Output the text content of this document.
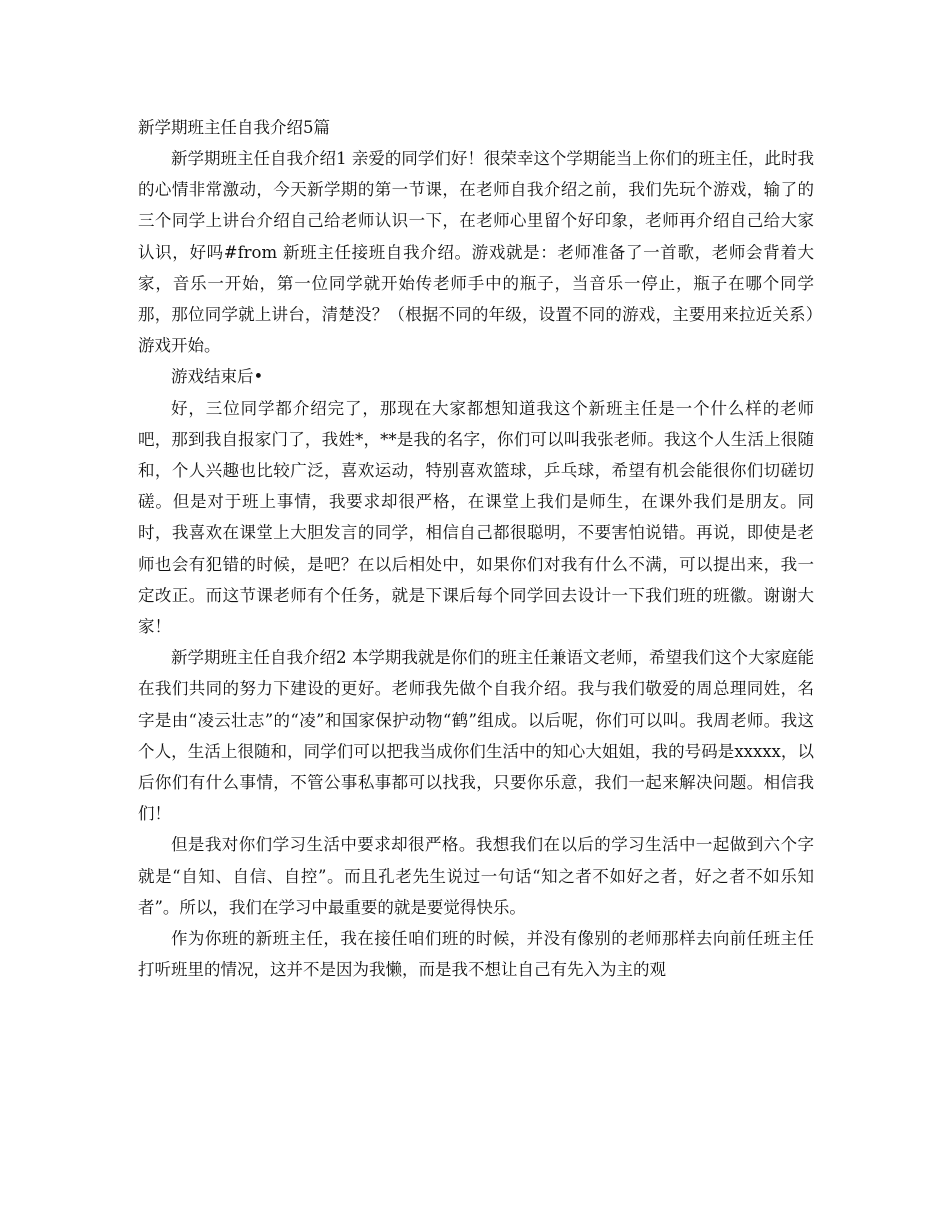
新学期班主任自我介绍5篇

新学期班主任自我介绍1 亲爱的同学们好！很荣幸这个学期能当上你们的班主任，此时我的心情非常激动，今天新学期的第一节课，在老师自我介绍之前，我们先玩个游戏，输了的三个同学上讲台介绍自己给老师认识一下，在老师心里留个好印象，老师再介绍自己给大家认识，好吗#from 新班主任接班自我介绍。游戏就是：老师准备了一首歌，老师会背着大家，音乐一开始，第一位同学就开始传老师手中的瓶子，当音乐一停止，瓶子在哪个同学那，那位同学就上讲台，清楚没？（根据不同的年级，设置不同的游戏，主要用来拉近关系）游戏开始。

游戏结束后•

好，三位同学都介绍完了，那现在大家都想知道我这个新班主任是一个什么样的老师吧，那到我自报家门了，我姓*，**是我的名字，你们可以叫我张老师。我这个人生活上很随和，个人兴趣也比较广泛，喜欢运动，特别喜欢篮球，乒乓球，希望有机会能很你们切磋切磋。但是对于班上事情，我要求却很严格，在课堂上我们是师生，在课外我们是朋友。同时，我喜欢在课堂上大胆发言的同学，相信自己都很聪明，不要害怕说错。再说，即使是老师也会有犯错的时候，是吧？在以后相处中，如果你们对我有什么不满，可以提出来，我一定改正。而这节课老师有个任务，就是下课后每个同学回去设计一下我们班的班徽。谢谢大家！

新学期班主任自我介绍2 本学期我就是你们的班主任兼语文老师，希望我们这个大家庭能在我们共同的努力下建设的更好。老师我先做个自我介绍。我与我们敬爱的周总理同姓，名字是由“凌云壮志”的“凌”和国家保护动物“鹤”组成。以后呢，你们可以叫。我周老师。我这个人，生活上很随和，同学们可以把我当成你们生活中的知心大姐姐，我的号码是xxxxx，以后你们有什么事情，不管公事私事都可以找我，只要你乐意，我们一起来解决问题。相信我们！

但是我对你们学习生活中要求却很严格。我想我们在以后的学习生活中一起做到六个字就是“自知、自信、自控”。而且孔老先生说过一句话“知之者不如好之者，好之者不如乐知者”。所以，我们在学习中最重要的就是要觉得快乐。

作为你班的新班主任，我在接任咱们班的时候，并没有像别的老师那样去向前任班主任打听班里的情况，这并不是因为我懒，而是我不想让自己有先入为主的观
